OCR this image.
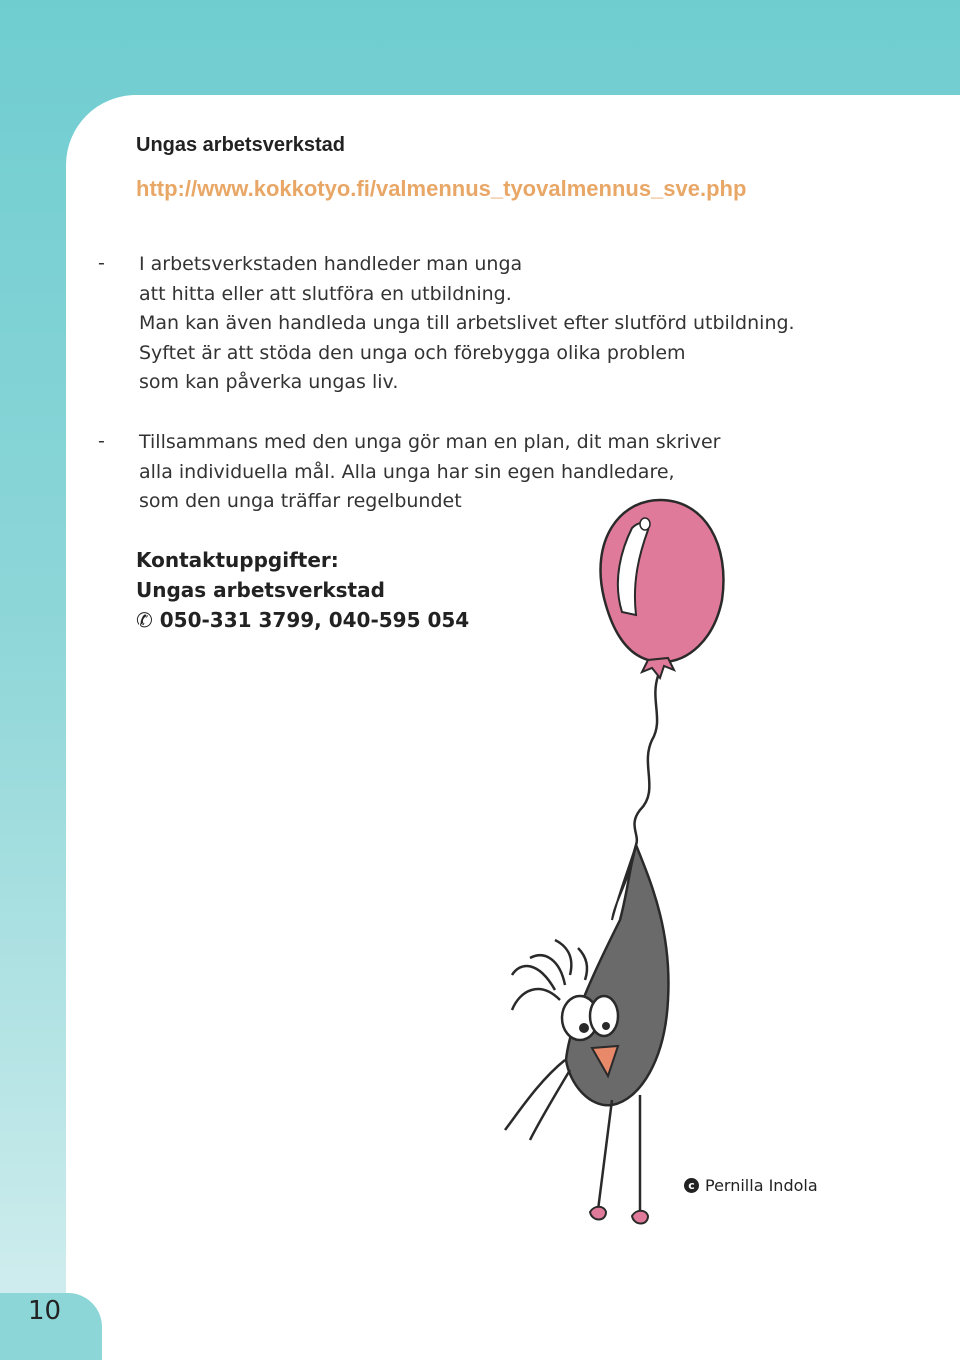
Ungas arbetsverkstad
http://www.kokkotyo.fi/valmennus_tyovalmennus_sve.php
- I arbetsverkstaden handleder man unga
att hitta eller att slutföra en utbildning.
Man kan även handleda unga till arbetslivet efter slutförd utbildning.
Syftet är att stöda den unga och förebygga olika problem
som kan påverka ungas liv.
- Tillsammans med den unga gör man en plan, dit man skriver
alla individuella mål. Alla unga har sin egen handledare,
som den unga träffar regelbundet
Kontaktuppgifter:
Ungas arbetsverkstad
✆ 050-331 3799, 040-595 054
c Pernilla Indola
10
